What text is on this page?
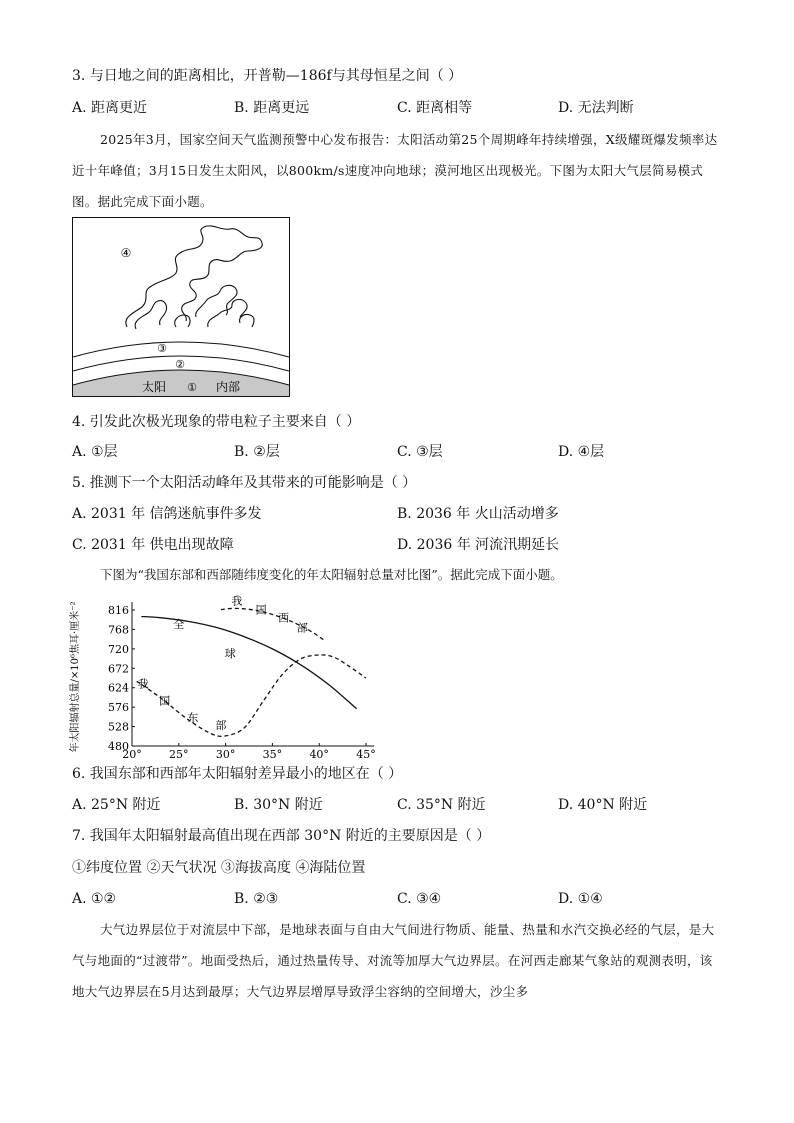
3. 与日地之间的距离相比，开普勒—186f与其母恒星之间（ ）
A. 距离更近	B. 距离更远	C. 距离相等	D. 无法判断
2025年3月，国家空间天气监测预警中心发布报告：太阳活动第25个周期峰年持续增强，X级耀斑爆发频率达近十年峰值；3月15日发生太阳风，以800km/s速度冲向地球；漠河地区出现极光。下图为太阳大气层简易模式图。据此完成下面小题。
④
③
②
太阳 ① 内部
4. 引发此次极光现象的带电粒子主要来自（ ）
A. ①层	B. ②层	C. ③层	D. ④层
5. 推测下一个太阳活动峰年及其带来的可能影响是（ ）
A. 2031 年 信鸽迷航事件多发	B. 2036 年 火山活动增多
C. 2031 年 供电出现故障	D. 2036 年 河流汛期延长
下图为“我国东部和西部随纬度变化的年太阳辐射总量对比图”。据此完成下面小题。
816
768
720
672
624
576
528
480
20° 25° 30° 35° 40° 45°
全
球
我
国
西
部
我
国
东
部
年太阳辐射总量/×10⁶焦耳·厘米⁻²
6. 我国东部和西部年太阳辐射差异最小的地区在（ ）
A. 25°N 附近	B. 30°N 附近	C. 35°N 附近	D. 40°N 附近
7. 我国年太阳辐射最高值出现在西部 30°N 附近的主要原因是（ ）
①纬度位置 ②天气状况 ③海拔高度 ④海陆位置
A. ①②	B. ②③	C. ③④	D. ①④
大气边界层位于对流层中下部，是地球表面与自由大气间进行物质、能量、热量和水汽交换必经的气层，是大气与地面的“过渡带”。地面受热后，通过热量传导、对流等加厚大气边界层。在河西走廊某气象站的观测表明，该地大气边界层在5月达到最厚；大气边界层增厚导致浮尘容纳的空间增大，沙尘多
